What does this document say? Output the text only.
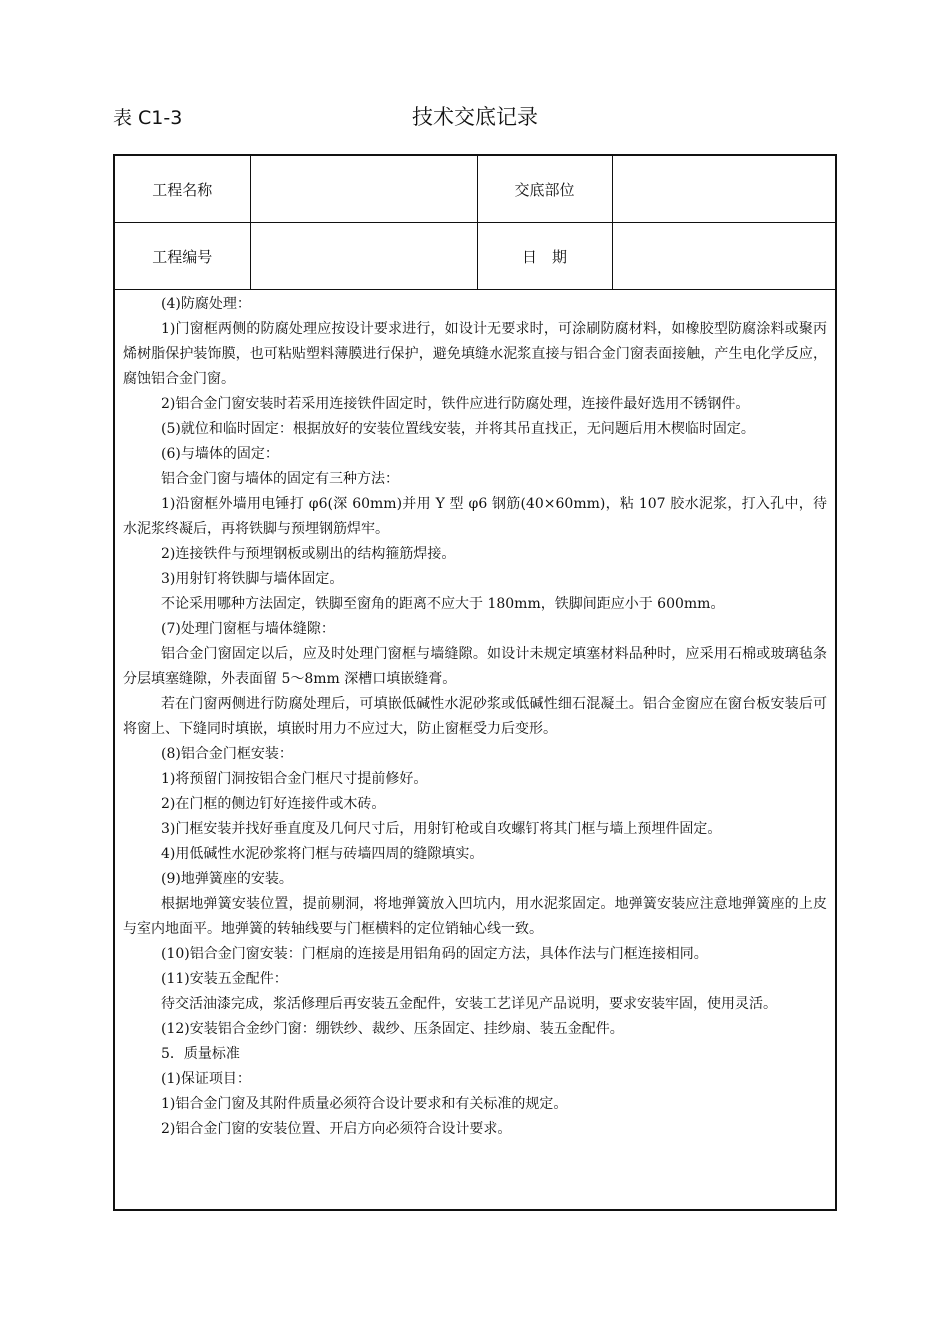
表 C1-3	技术交底记录
工程名称		交底部位	
工程编号		日　期	

(4)防腐处理：

1)门窗框两侧的防腐处理应按设计要求进行，如设计无要求时，可涂刷防腐材料，如橡胶型防腐涂料或聚丙烯树脂保护装饰膜，也可粘贴塑料薄膜进行保护，避免填缝水泥浆直接与铝合金门窗表面接触，产生电化学反应，腐蚀铝合金门窗。

2)铝合金门窗安装时若采用连接铁件固定时，铁件应进行防腐处理，连接件最好选用不锈钢件。

(5)就位和临时固定：根据放好的安装位置线安装，并将其吊直找正，无问题后用木楔临时固定。

(6)与墙体的固定：

铝合金门窗与墙体的固定有三种方法：

1)沿窗框外墙用电锤打 φ6(深 60mm)并用 Y 型 φ6 钢筋(40×60mm)，粘 107 胶水泥浆，打入孔中，待水泥浆终凝后，再将铁脚与预埋钢筋焊牢。

2)连接铁件与预埋钢板或剔出的结构箍筋焊接。

3)用射钉将铁脚与墙体固定。

不论采用哪种方法固定，铁脚至窗角的距离不应大于 180mm，铁脚间距应小于 600mm。

(7)处理门窗框与墙体缝隙：

铝合金门窗固定以后，应及时处理门窗框与墙缝隙。如设计未规定填塞材料品种时，应采用石棉或玻璃毡条分层填塞缝隙，外表面留 5～8mm 深槽口填嵌缝膏。

若在门窗两侧进行防腐处理后，可填嵌低碱性水泥砂浆或低碱性细石混凝土。铝合金窗应在窗台板安装后可将窗上、下缝同时填嵌，填嵌时用力不应过大，防止窗框受力后变形。

(8)铝合金门框安装：

1)将预留门洞按铝合金门框尺寸提前修好。

2)在门框的侧边钉好连接件或木砖。

3)门框安装并找好垂直度及几何尺寸后，用射钉枪或自攻螺钉将其门框与墙上预埋件固定。

4)用低碱性水泥砂浆将门框与砖墙四周的缝隙填实。

(9)地弹簧座的安装。

根据地弹簧安装位置，提前剔洞，将地弹簧放入凹坑内，用水泥浆固定。地弹簧安装应注意地弹簧座的上皮与室内地面平。地弹簧的转轴线要与门框横料的定位销轴心线一致。

(10)铝合金门窗安装：门框扇的连接是用铝角码的固定方法，具体作法与门框连接相同。

(11)安装五金配件：

待交活油漆完成，浆活修理后再安装五金配件，安装工艺详见产品说明，要求安装牢固，使用灵活。

(12)安装铝合金纱门窗：绷铁纱、裁纱、压条固定、挂纱扇、装五金配件。

5．质量标准

(1)保证项目：

1)铝合金门窗及其附件质量必须符合设计要求和有关标准的规定。

2)铝合金门窗的安装位置、开启方向必须符合设计要求。
